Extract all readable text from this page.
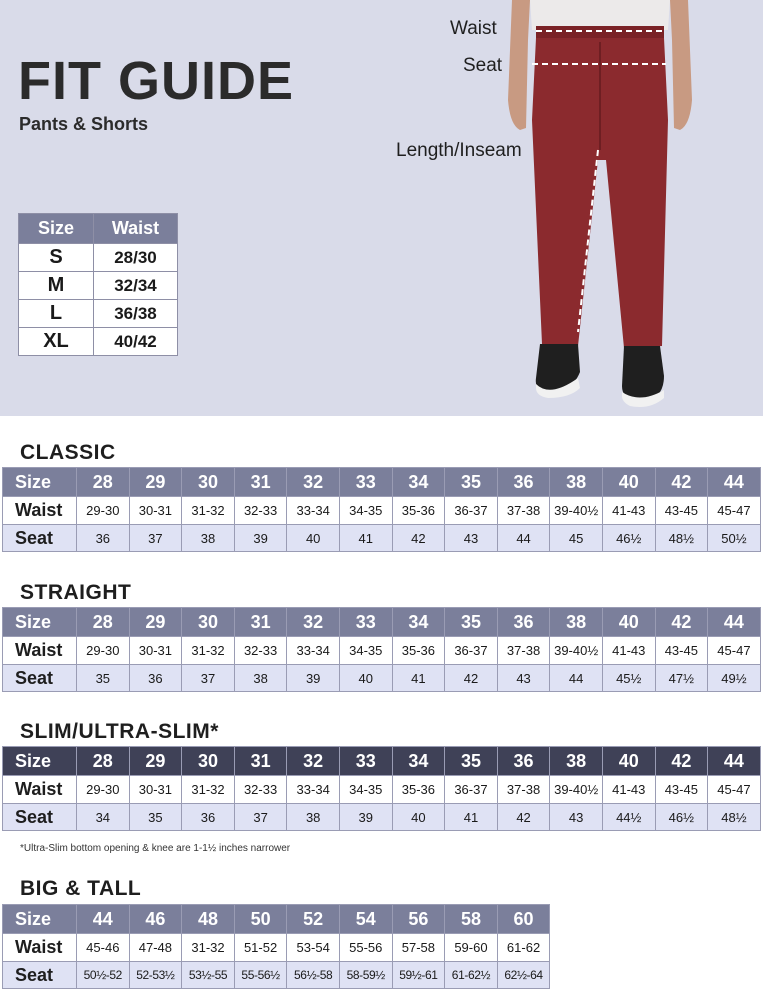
FIT GUIDE
Pants & Shorts
Size	Waist
S	28/30
M	32/34
L	36/38
XL	40/42
Waist
Seat
Length/Inseam
CLASSIC
Size	28	29	30	31	32	33	34	35	36	38	40	42	44
Waist	29-30	30-31	31-32	32-33	33-34	34-35	35-36	36-37	37-38	39-40½	41-43	43-45	45-47
Seat	36	37	38	39	40	41	42	43	44	45	46½	48½	50½
STRAIGHT
Size	28	29	30	31	32	33	34	35	36	38	40	42	44
Waist	29-30	30-31	31-32	32-33	33-34	34-35	35-36	36-37	37-38	39-40½	41-43	43-45	45-47
Seat	35	36	37	38	39	40	41	42	43	44	45½	47½	49½
SLIM/ULTRA-SLIM*
Size	28	29	30	31	32	33	34	35	36	38	40	42	44
Waist	29-30	30-31	31-32	32-33	33-34	34-35	35-36	36-37	37-38	39-40½	41-43	43-45	45-47
Seat	34	35	36	37	38	39	40	41	42	43	44½	46½	48½
*Ultra-Slim bottom opening & knee are 1-1½ inches narrower
BIG & TALL
Size	44	46	48	50	52	54	56	58	60
Waist	45-46	47-48	31-32	51-52	53-54	55-56	57-58	59-60	61-62
Seat	50½-52	52-53½	53½-55	55-56½	56½-58	58-59½	59½-61	61-62½	62½-64
